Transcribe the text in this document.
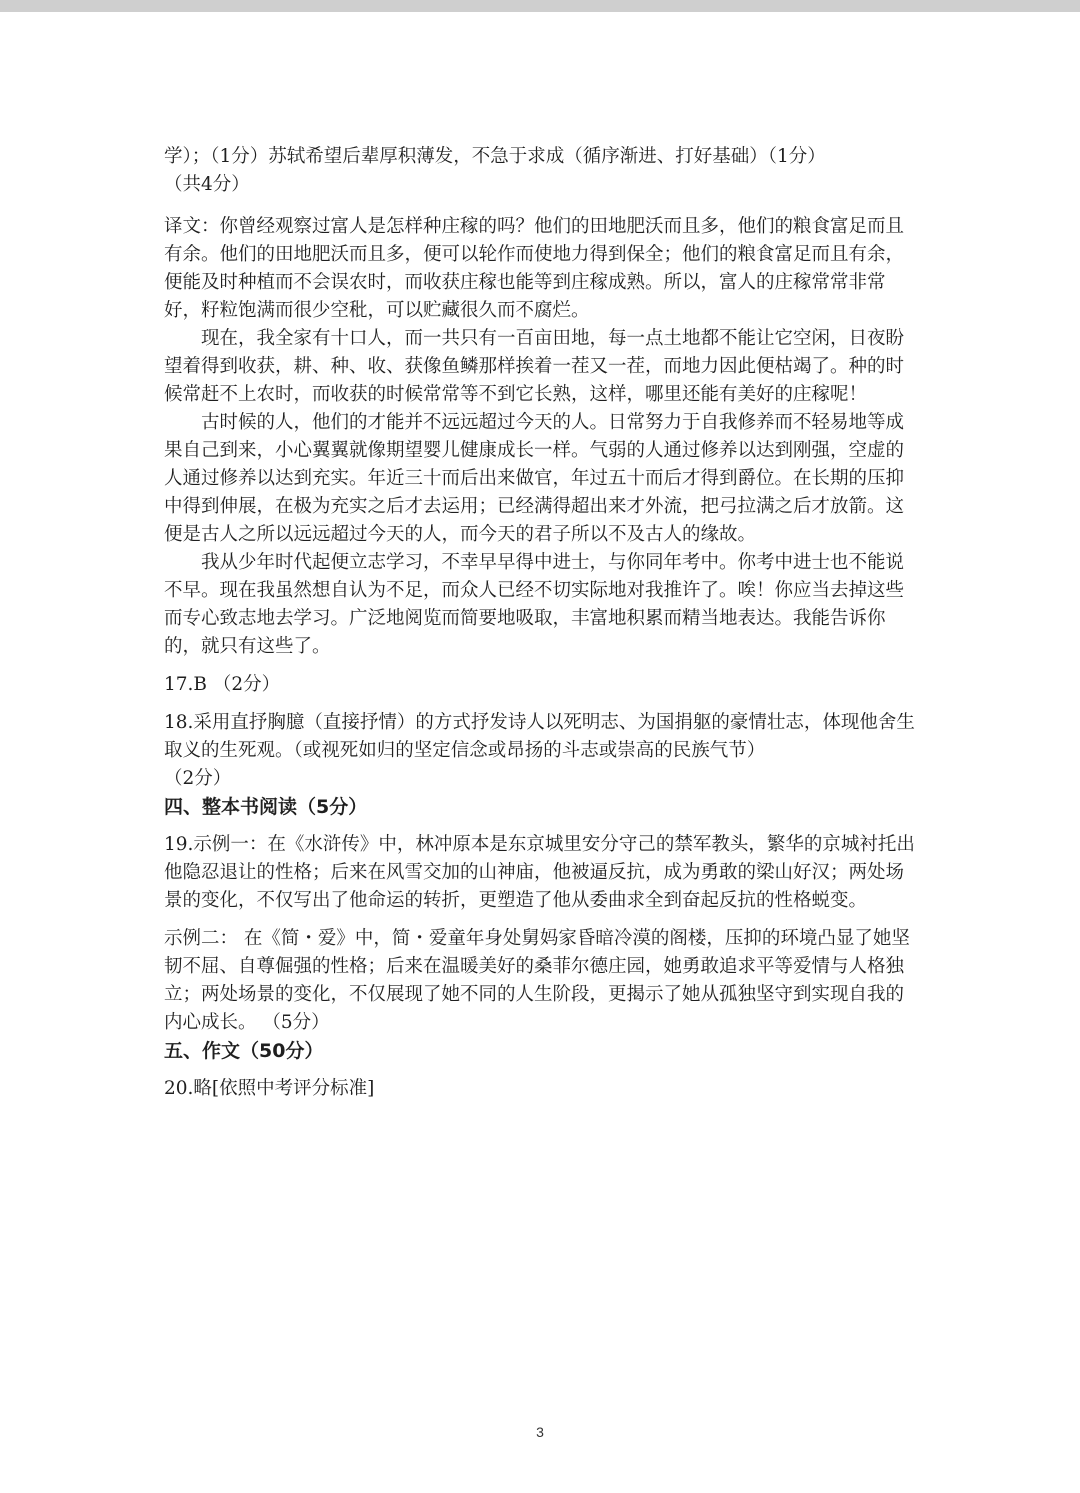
学）；（1分）苏轼希望后辈厚积薄发，不急于求成（循序渐进、打好基础）（1分）

（共4分）

译文：你曾经观察过富人是怎样种庄稼的吗？他们的田地肥沃而且多，他们的粮食富足而且有余。他们的田地肥沃而且多，便可以轮作而使地力得到保全；他们的粮食富足而且有余，便能及时种植而不会误农时，而收获庄稼也能等到庄稼成熟。所以，富人的庄稼常常非常好，籽粒饱满而很少空秕，可以贮藏很久而不腐烂。

现在，我全家有十口人，而一共只有一百亩田地，每一点土地都不能让它空闲，日夜盼望着得到收获，耕、种、收、获像鱼鳞那样挨着一茬又一茬，而地力因此便枯竭了。种的时候常赶不上农时，而收获的时候常常等不到它长熟，这样，哪里还能有美好的庄稼呢！

古时候的人，他们的才能并不远远超过今天的人。日常努力于自我修养而不轻易地等成果自己到来，小心翼翼就像期望婴儿健康成长一样。气弱的人通过修养以达到刚强，空虚的人通过修养以达到充实。年近三十而后出来做官，年过五十而后才得到爵位。在长期的压抑中得到伸展，在极为充实之后才去运用；已经满得超出来才外流，把弓拉满之后才放箭。这便是古人之所以远远超过今天的人，而今天的君子所以不及古人的缘故。

我从少年时代起便立志学习，不幸早早得中进士，与你同年考中。你考中进士也不能说不早。现在我虽然想自认为不足，而众人已经不切实际地对我推许了。唉！你应当去掉这些而专心致志地去学习。广泛地阅览而简要地吸取，丰富地积累而精当地表达。我能告诉你的，就只有这些了。

17.B （2分）

18.采用直抒胸臆（直接抒情）的方式抒发诗人以死明志、为国捐躯的豪情壮志，体现他舍生取义的生死观。（或视死如归的坚定信念或昂扬的斗志或崇高的民族气节）

（2分）

四、整本书阅读（5分）

19.示例一：在《水浒传》中，林冲原本是东京城里安分守己的禁军教头，繁华的京城衬托出他隐忍退让的性格；后来在风雪交加的山神庙，他被逼反抗，成为勇敢的梁山好汉；两处场景的变化，不仅写出了他命运的转折，更塑造了他从委曲求全到奋起反抗的性格蜕变。

示例二： 在《简・爱》中，简・爱童年身处舅妈家昏暗冷漠的阁楼，压抑的环境凸显了她坚韧不屈、自尊倔强的性格；后来在温暖美好的桑菲尔德庄园，她勇敢追求平等爱情与人格独立；两处场景的变化，不仅展现了她不同的人生阶段，更揭示了她从孤独坚守到实现自我的内心成长。 （5分）

五、作文（50分）

20.略[依照中考评分标准]

3
